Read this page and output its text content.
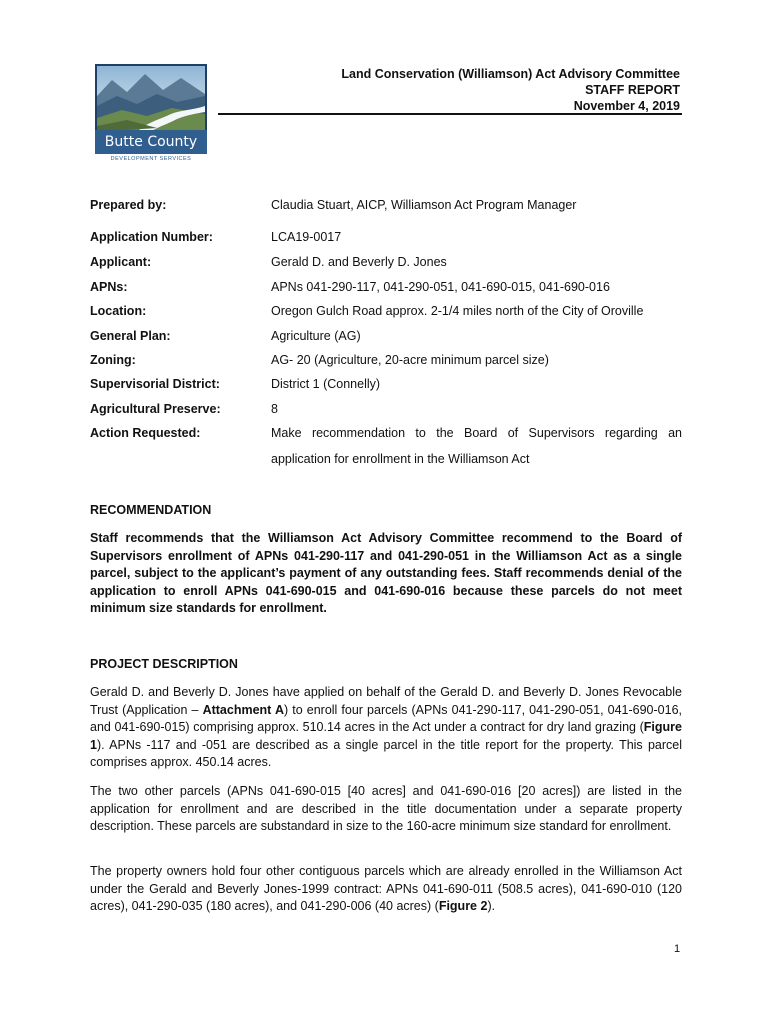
Butte County
DEVELOPMENT SERVICES
Land Conservation (Williamson) Act Advisory Committee
STAFF REPORT
November 4, 2019
Prepared by:	Claudia Stuart, AICP, Williamson Act Program Manager
Application Number:	LCA19-0017
Applicant:	Gerald D. and Beverly D. Jones
APNs:	APNs 041-290-117, 041-290-051, 041-690-015, 041-690-016
Location:	Oregon Gulch Road approx. 2-1/4 miles north of the City of Oroville
General Plan:	Agriculture (AG)
Zoning:	AG- 20 (Agriculture, 20-acre minimum parcel size)
Supervisorial District:	District 1 (Connelly)
Agricultural Preserve:	8
Action Requested:	Make recommendation to the Board of Supervisors regarding an application for enrollment in the Williamson Act
RECOMMENDATION
Staff recommends that the Williamson Act Advisory Committee recommend to the Board of Supervisors enrollment of APNs 041-290-117 and 041-290-051 in the Williamson Act as a single parcel, subject to the applicant’s payment of any outstanding fees. Staff recommends denial of the application to enroll APNs 041-690-015 and 041-690-016 because these parcels do not meet minimum size standards for enrollment.
PROJECT DESCRIPTION
Gerald D. and Beverly D. Jones have applied on behalf of the Gerald D. and Beverly D. Jones Revocable Trust (Application – Attachment A) to enroll four parcels (APNs 041-290-117, 041-290-051, 041-690-016, and 041-690-015) comprising approx. 510.14 acres in the Act under a contract for dry land grazing (Figure 1). APNs -117 and -051 are described as a single parcel in the title report for the property. This parcel comprises approx. 450.14 acres.
The two other parcels (APNs 041-690-015 [40 acres] and 041-690-016 [20 acres]) are listed in the application for enrollment and are described in the title documentation under a separate property description. These parcels are substandard in size to the 160-acre minimum size standard for enrollment.
The property owners hold four other contiguous parcels which are already enrolled in the Williamson Act under the Gerald and Beverly Jones-1999 contract: APNs 041-690-011 (508.5 acres), 041-690-010 (120 acres), 041-290-035 (180 acres), and 041-290-006 (40 acres) (Figure 2).
1
